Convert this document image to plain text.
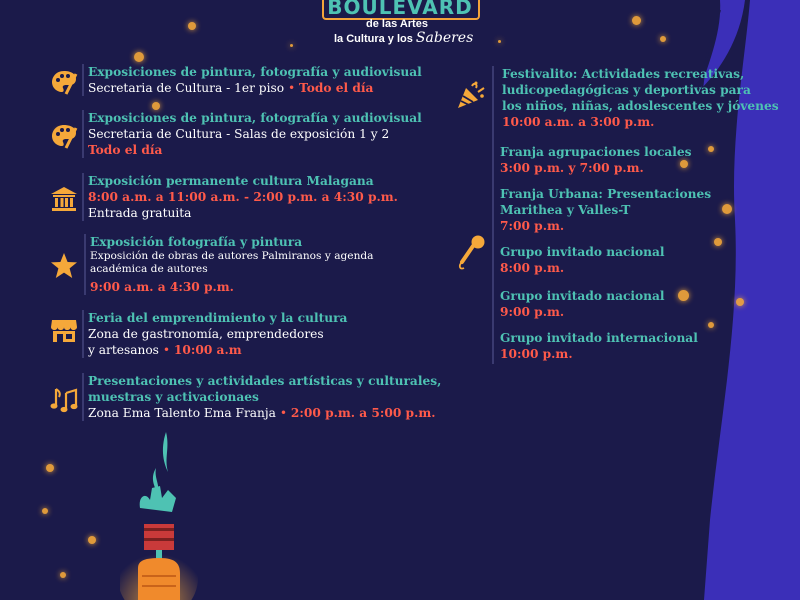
BOULEVARD
de las Artes
la Cultura y los Saberes
Exposiciones de pintura, fotografía y audiovisual
Secretaria de Cultura - 1er piso • Todo el día
Exposiciones de pintura, fotografía y audiovisual
Secretaria de Cultura - Salas de exposición 1 y 2
Todo el día
Exposición permanente cultura Malagana
8:00 a.m. a 11:00 a.m. - 2:00 p.m. a 4:30 p.m.
Entrada gratuita
Exposición fotografía y pintura
Exposición de obras de autores Palmiranos y agenda
académica de autores
9:00 a.m. a 4:30 p.m.
Feria del emprendimiento y la cultura
Zona de gastronomía, emprendedores
y artesanos • 10:00 a.m
Presentaciones y actividades artísticas y culturales,
muestras y activacionaes
Zona Ema Talento Ema Franja • 2:00 p.m. a 5:00 p.m.
Festivalito: Actividades recreativas,
ludicopedagógicas y deportivas para
los niños, niñas, adoslescentes y jóvenes
10:00 a.m. a 3:00 p.m.
Franja agrupaciones locales
3:00 p.m. y 7:00 p.m.
Franja Urbana: Presentaciones
Marithea y Valles-T
7:00 p.m.
Grupo invitado nacional
8:00 p.m.
Grupo invitado nacional
9:00 p.m.
Grupo invitado internacional
10:00 p.m.
